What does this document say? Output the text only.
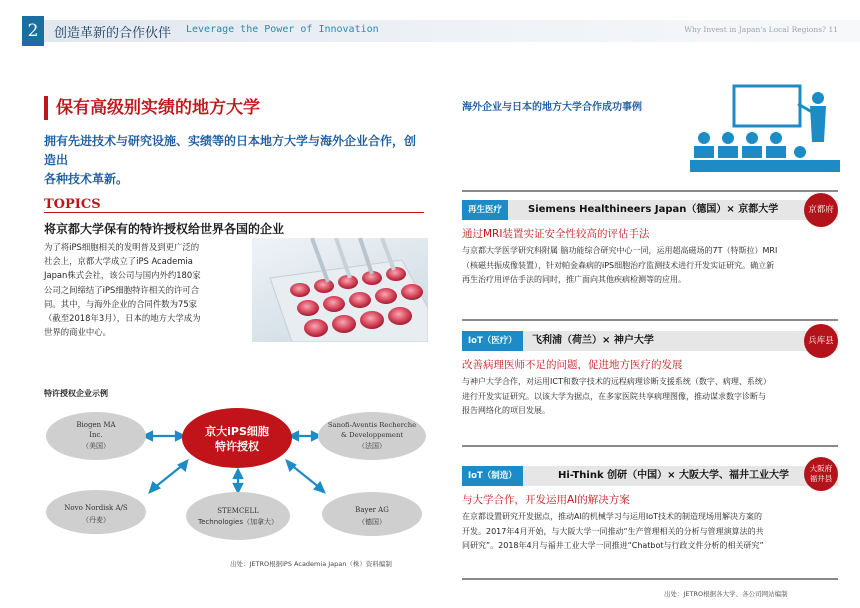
2	创造革新的合作伙伴 Leverage the Power of Innovation	Why Invest in Japan's Local Regions? 11
保有高级别实绩的地方大学
拥有先进技术与研究设施、实绩等的日本地方大学与海外企业合作，创造出
各种技术革新。
TOPICS
将京都大学保有的特许授权给世界各国的企业
为了将iPS细胞相关的发明普及到更广泛的
社会上，京都大学成立了iPS Academia
Japan株式会社，该公司与国内外约180家
公司之间缔结了iPS细胞特许相关的许可合
同。其中，与海外企业的合同件数为75家
（截至2018年3月），日本的地方大学成为
世界的商业中心。
特许授权企业示例
京大iPS细胞
特许授权
Biogen MA
Inc.
（美国）
Sanofi-Aventis Recherche
& Developpement
（法国）
Novo Nordisk A/S
（丹麦）
STEMCELL
Technologies（加拿大）
Bayer AG
（德国）
出处：JETRO根据iPS Academia Japan（株）资料编制
海外企业与日本的地方大学合作成功事例
再生医疗	Siemens Healthineers Japan（德国）× 京都大学	京都府
通过MRI装置实证安全性较高的评估手法
与京都大学医学研究科附属 脑功能综合研究中心一同，运用超高磁场的7T（特斯拉）MRI
（核磁共振成像装置），针对帕金森病的iPS细胞治疗监测技术进行开发实证研究。确立新
再生治疗用评估手法的同时，推广面向其他疾病检测等的应用。
IoT（医疗）	飞利浦（荷兰）× 神户大学	兵库县
改善病理医师不足的问题，促进地方医疗的发展
与神户大学合作，对运用ICT和数字技术的远程病理诊断支援系统（数字、病理、系统）
进行开发实证研究。以该大学为据点，在多家医院共享病理图像，推动谋求数字诊断与
报告网络化的项目发展。
IoT（制造）	Hi-Think 创研（中国）× 大阪大学、福井工业大学
大阪府
福井县
与大学合作，开发运用AI的解决方案
在京都设置研究开发据点，推动AI的机械学习与运用IoT技术的制造现场用解决方案的
开发。2017年4月开始，与大阪大学一同推动“生产管理相关的分析与管理演算法的共
同研究”。2018年4月与福井工业大学一同推进“Chatbot与行政文件分析的相关研究”
出处：JETRO根据各大学、各公司网站编制
